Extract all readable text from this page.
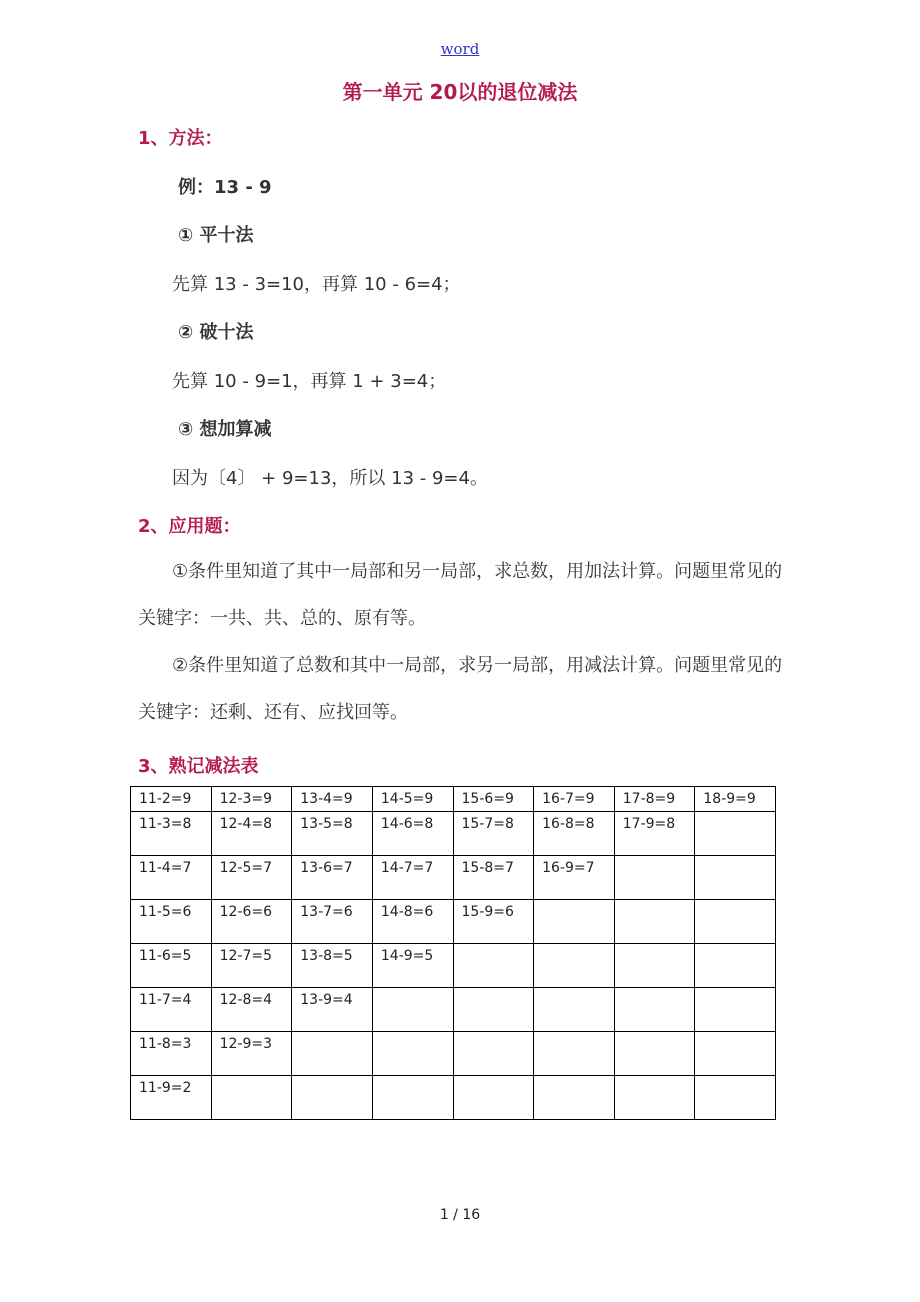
word
第一单元 20以的退位减法
1、方法：
例：13 - 9
① 平十法
先算 13 - 3=10，再算 10 - 6=4；
② 破十法
先算 10 - 9=1，再算 1 + 3=4；
③ 想加算减
因为〔4〕 + 9=13，所以 13 - 9=4。
2、应用题：
①条件里知道了其中一局部和另一局部，求总数，用加法计算。问题里常见的关键字：一共、共、总的、原有等。
②条件里知道了总数和其中一局部，求另一局部，用减法计算。问题里常见的关键字：还剩、还有、应找回等。
3、熟记减法表
11-2=9	12-3=9	13-4=9	14-5=9	15-6=9	16-7=9	17-8=9	18-9=9
11-3=8	12-4=8	13-5=8	14-6=8	15-7=8	16-8=8	17-9=8	
11-4=7	12-5=7	13-6=7	14-7=7	15-8=7	16-9=7		
11-5=6	12-6=6	13-7=6	14-8=6	15-9=6			
11-6=5	12-7=5	13-8=5	14-9=5				
11-7=4	12-8=4	13-9=4					
11-8=3	12-9=3						
11-9=2							
1 / 16
